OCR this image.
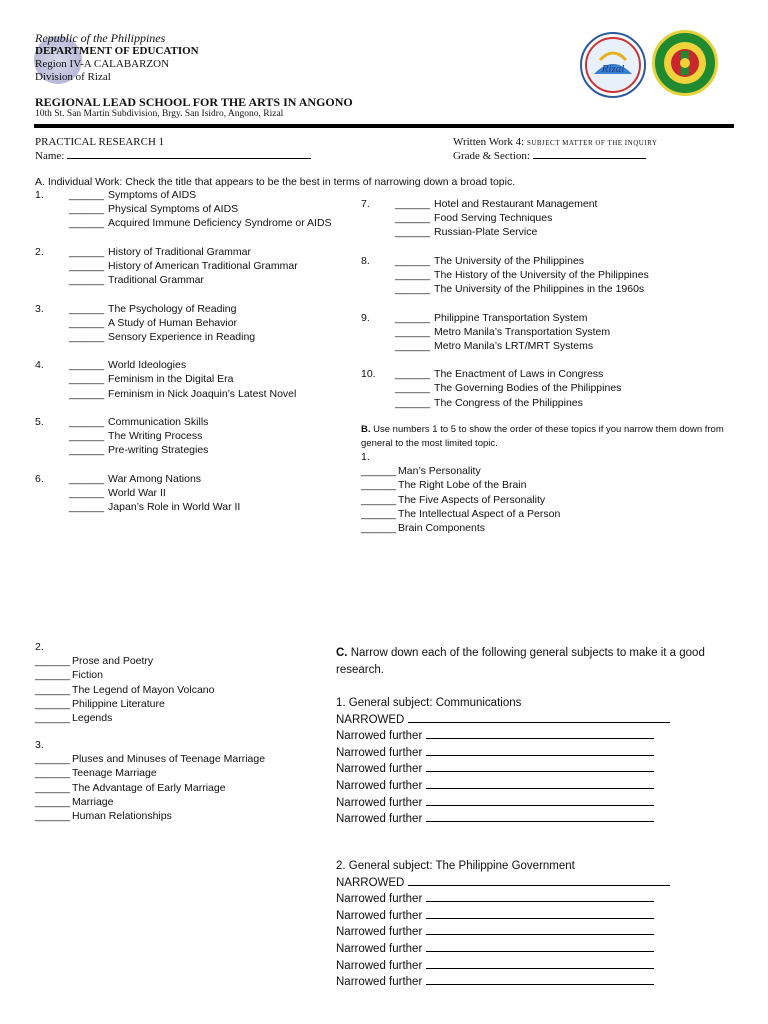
Republic of the Philippines
DEPARTMENT OF EDUCATION
Region IV-A CALABARZON
Division of Rizal
REGIONAL LEAD SCHOOL FOR THE ARTS IN ANGONO
10th St. San Martin Subdivision, Brgy. San Isidro, Angono, Rizal
Rizal
PRACTICAL RESEARCH 1
Name:
Written Work 4: SUBJECT MATTER OF THE INQUIRY
Grade & Section:
A. Individual Work: Check the title that appears to be the best in terms of narrowing down a broad topic.
1. ______ Symptoms of AIDS
______ Physical Symptoms of AIDS
______ Acquired Immune Deficiency Syndrome or AIDS
2. ______ History of Traditional Grammar
______ History of American Traditional Grammar
______ Traditional Grammar
3. ______ The Psychology of Reading
______ A Study of Human Behavior
______ Sensory Experience in Reading
4. ______ World Ideologies
______ Feminism in the Digital Era
______ Feminism in Nick Joaquin’s Latest Novel
5. ______ Communication Skills
______ The Writing Process
______ Pre-writing Strategies
6. ______ War Among Nations
______ World War II
______ Japan’s Role in World War II
7. ______ Hotel and Restaurant Management
______ Food Serving Techniques
______ Russian-Plate Service
8. ______ The University of the Philippines
______ The History of the University of the Philippines
______ The University of the Philippines in the 1960s
9. ______ Philippine Transportation System
______ Metro Manila’s Transportation System
______ Metro Manila’s LRT/MRT Systems
10. ______ The Enactment of Laws in Congress
______ The Governing Bodies of the Philippines
______ The Congress of the Philippines
B. Use numbers 1 to 5 to show the order of these topics if you narrow them down from general to the most limited topic.
1.
______ Man’s Personality
______ The Right Lobe of the Brain
______ The Five Aspects of Personality
______ The Intellectual Aspect of a Person
______ Brain Components
2.
______ Prose and Poetry
______ Fiction
______ The Legend of Mayon Volcano
______ Philippine Literature
______ Legends
3.
______ Pluses and Minuses of Teenage Marriage
______ Teenage Marriage
______ The Advantage of Early Marriage
______ Marriage
______ Human Relationships
C. Narrow down each of the following general subjects to make it a good research.
1. General subject: Communications
NARROWED
Narrowed further
Narrowed further
Narrowed further
Narrowed further
Narrowed further
Narrowed further
2. General subject: The Philippine Government
NARROWED
Narrowed further
Narrowed further
Narrowed further
Narrowed further
Narrowed further
Narrowed further
